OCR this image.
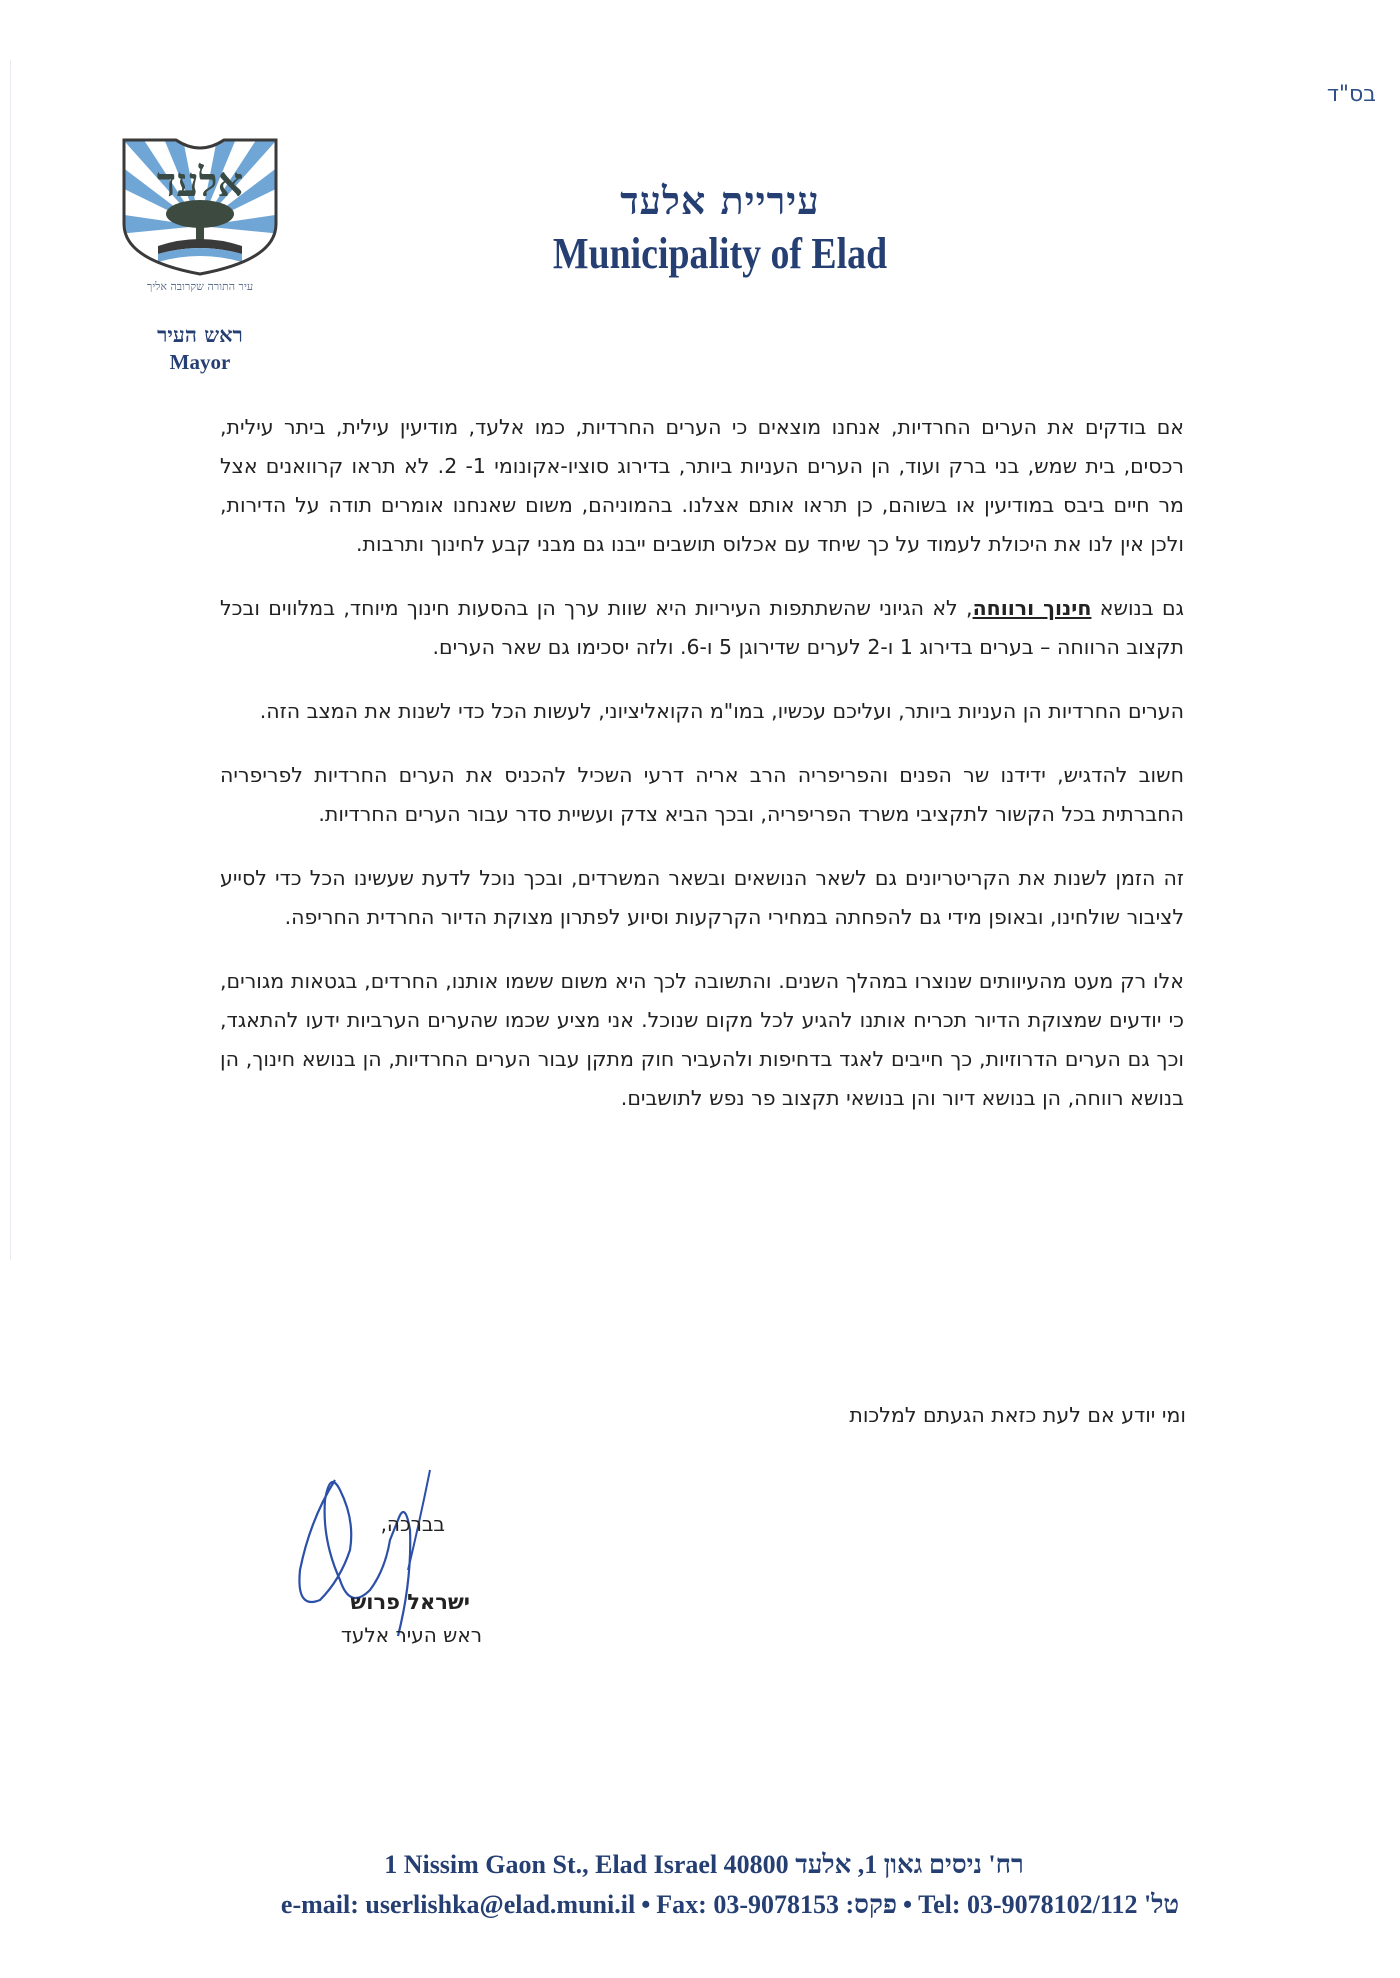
בס"ד
אלעד
עיר התורה שקרובה אליך
ראש העיר
Mayor
עיריית אלעד
Municipality of Elad

אם בודקים את הערים החרדיות, אנחנו מוצאים כי הערים החרדיות, כמו אלעד, מודיעין עילית, ביתר עילית, רכסים, בית שמש, בני ברק ועוד, הן הערים העניות ביותר, בדירוג סוציו-אקונומי 1- 2. לא תראו קרוואנים אצל מר חיים ביבס במודיעין או בשוהם, כן תראו אותם אצלנו. בהמוניהם, משום שאנחנו אומרים תודה על הדירות, ולכן אין לנו את היכולת לעמוד על כך שיחד עם אכלוס תושבים ייבנו גם מבני קבע לחינוך ותרבות.

גם בנושא חינוך ורווחה, לא הגיוני שהשתתפות העיריות היא שוות ערך הן בהסעות חינוך מיוחד, במלווים ובכל תקצוב הרווחה – בערים בדירוג 1 ו-2 לערים שדירוגן 5 ו-6. ולזה יסכימו גם שאר הערים.

הערים החרדיות הן העניות ביותר, ועליכם עכשיו, במו"מ הקואליציוני, לעשות הכל כדי לשנות את המצב הזה.

חשוב להדגיש, ידידנו שר הפנים והפריפריה הרב אריה דרעי השכיל להכניס את הערים החרדיות לפריפריה החברתית בכל הקשור לתקציבי משרד הפריפריה, ובכך הביא צדק ועשיית סדר עבור הערים החרדיות.

זה הזמן לשנות את הקריטריונים גם לשאר הנושאים ובשאר המשרדים, ובכך נוכל לדעת שעשינו הכל כדי לסייע לציבור שולחינו, ובאופן מידי גם להפחתה במחירי הקרקעות וסיוע לפתרון מצוקת הדיור החרדית החריפה.

אלו רק מעט מהעיוותים שנוצרו במהלך השנים. והתשובה לכך היא משום ששמו אותנו, החרדים, בגטאות מגורים, כי יודעים שמצוקת הדיור תכריח אותנו להגיע לכל מקום שנוכל. אני מציע שכמו שהערים הערביות ידעו להתאגד, וכך גם הערים הדרוזיות, כך חייבים לאגד בדחיפות ולהעביר חוק מתקן עבור הערים החרדיות, הן בנושא חינוך, הן בנושא רווחה, הן בנושא דיור והן בנושאי תקצוב פר נפש לתושבים.

ומי יודע אם לעת כזאת הגעתם למלכות
בברכה,
ישראל פרוש
ראש העיר אלעד
1 Nissim Gaon St., Elad Israel 40800 רח' ניסים גאון 1, אלעד
e-mail: userlishka@elad.muni.il • Fax: 03-9078153 :פקס • Tel: 03-9078102/112 'טל
